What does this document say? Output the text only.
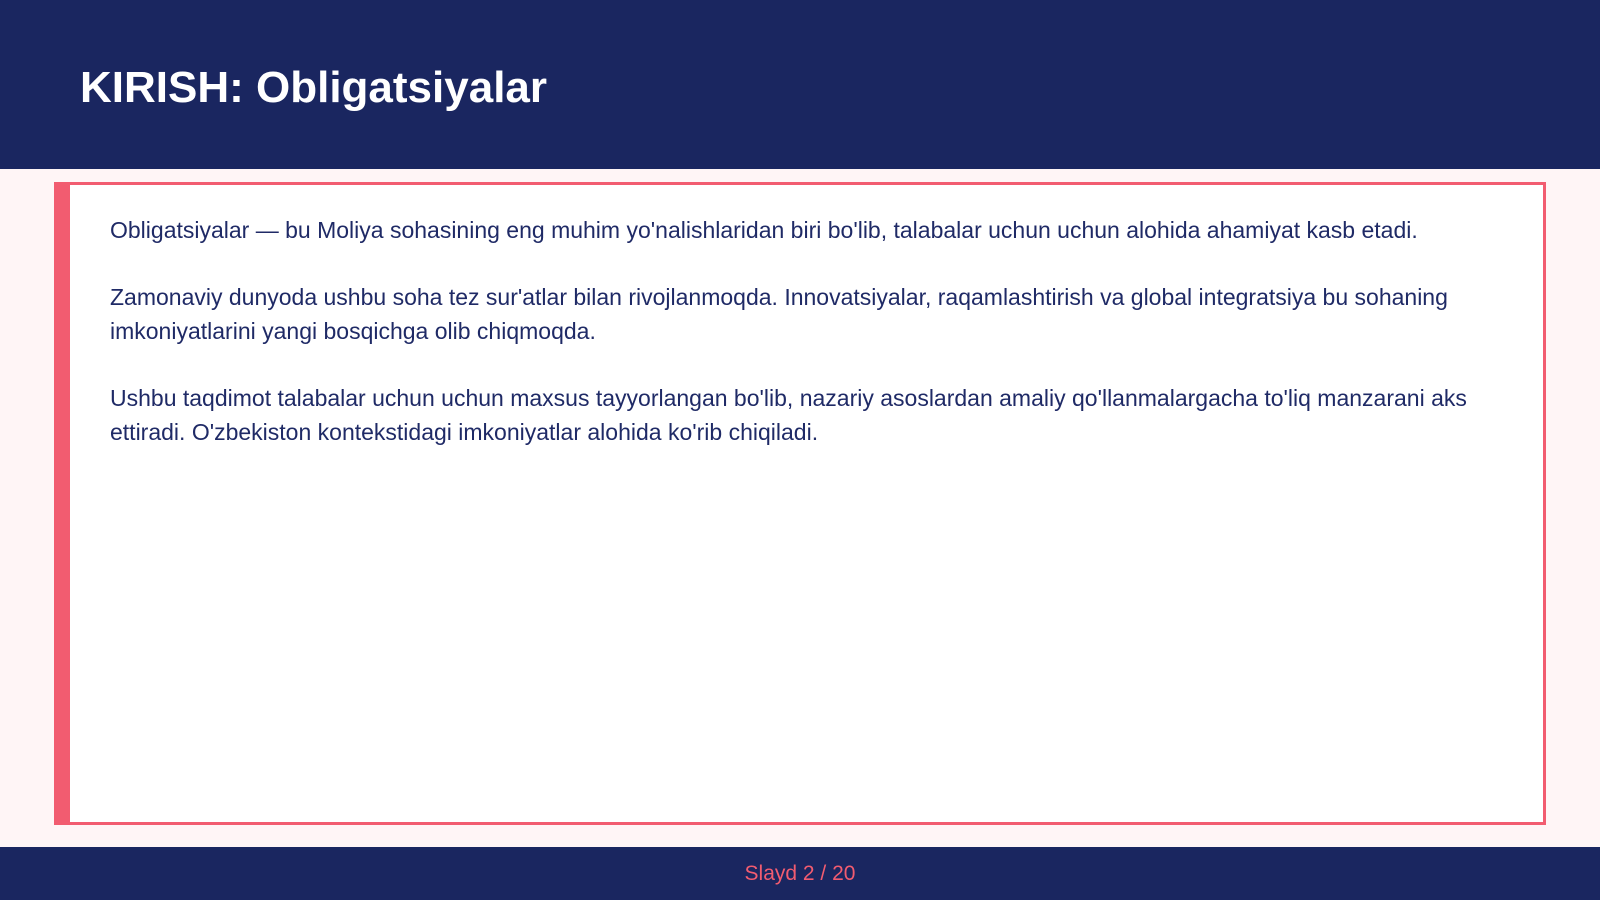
KIRISH: Obligatsiyalar

Obligatsiyalar — bu Moliya sohasining eng muhim yo'nalishlaridan biri bo'lib, talabalar uchun uchun alohida ahamiyat kasb etadi.

Zamonaviy dunyoda ushbu soha tez sur'atlar bilan rivojlanmoqda. Innovatsiyalar, raqamlashtirish va global integratsiya bu sohaning imkoniyatlarini yangi bosqichga olib chiqmoqda.

Ushbu taqdimot talabalar uchun uchun maxsus tayyorlangan bo'lib, nazariy asoslardan amaliy qo'llanmalargacha to'liq manzarani aks ettiradi. O'zbekiston kontekstidagi imkoniyatlar alohida ko'rib chiqiladi.

Slayd 2 / 20
